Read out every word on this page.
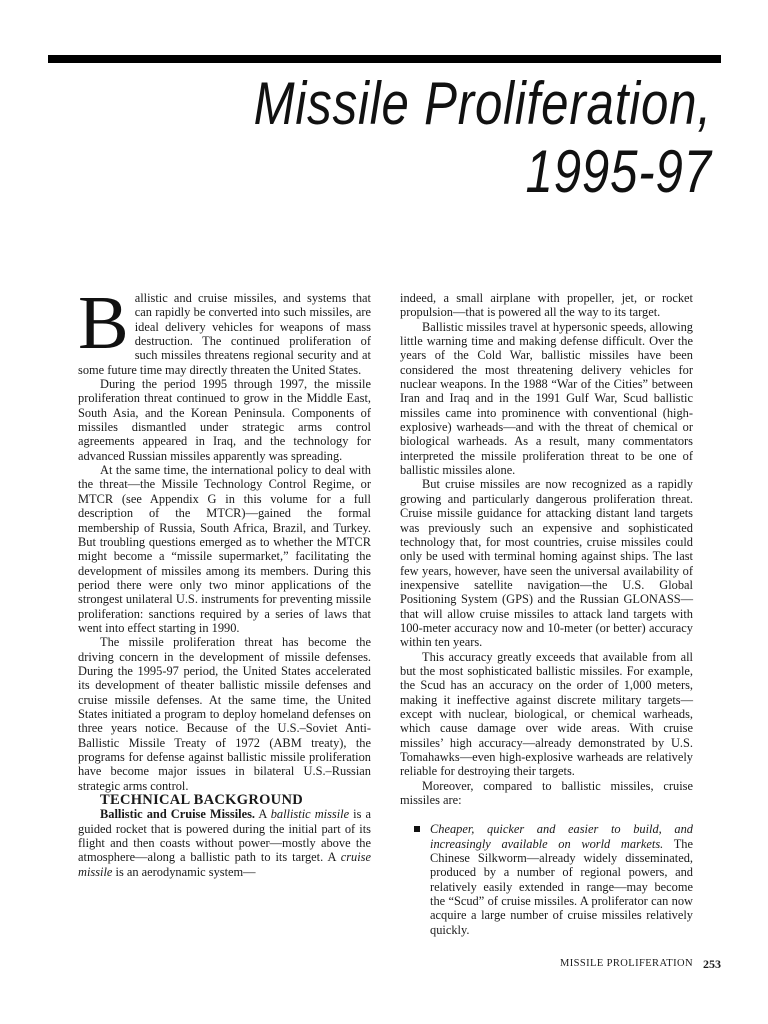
Missile Proliferation,
1995-97

Ballistic and cruise missiles, and systems that can rapidly be converted into such missiles, are ideal delivery vehicles for weapons of mass destruction. The continued proliferation of such missiles threatens regional security and at some future time may directly threaten the United States.

During the period 1995 through 1997, the missile proliferation threat continued to grow in the Middle East, South Asia, and the Korean Peninsula. Components of missiles dismantled under strategic arms control agreements appeared in Iraq, and the technology for advanced Russian missiles apparently was spreading.

At the same time, the international policy to deal with the threat—the Missile Technology Control Regime, or MTCR (see Appendix G in this volume for a full description of the MTCR)—gained the formal membership of Russia, South Africa, Brazil, and Turkey. But troubling questions emerged as to whether the MTCR might become a “missile supermarket,” facilitating the development of missiles among its members. During this period there were only two minor applications of the strongest unilateral U.S. instruments for preventing missile proliferation: sanctions required by a series of laws that went into effect starting in 1990.

The missile proliferation threat has become the driving concern in the development of missile defenses. During the 1995-97 period, the United States accelerated its development of theater ballistic missile defenses and cruise missile defenses. At the same time, the United States initiated a program to deploy homeland defenses on three years notice. Because of the U.S.–Soviet Anti-Ballistic Missile Treaty of 1972 (ABM treaty), the programs for defense against ballistic missile proliferation have become major issues in bilateral U.S.–Russian strategic arms control.

TECHNICAL BACKGROUND

Ballistic and Cruise Missiles. A ballistic missile is a guided rocket that is powered during the initial part of its flight and then coasts without power—mostly above the atmosphere—along a ballistic path to its target. A cruise missile is an aerodynamic system—

indeed, a small airplane with propeller, jet, or rocket propulsion—that is powered all the way to its target.

Ballistic missiles travel at hypersonic speeds, allowing little warning time and making defense difficult. Over the years of the Cold War, ballistic missiles have been considered the most threatening delivery vehicles for nuclear weapons. In the 1988 “War of the Cities” between Iran and Iraq and in the 1991 Gulf War, Scud ballistic missiles came into prominence with conventional (high-explosive) warheads—and with the threat of chemical or biological warheads. As a result, many commentators interpreted the missile proliferation threat to be one of ballistic missiles alone.

But cruise missiles are now recognized as a rapidly growing and particularly dangerous proliferation threat. Cruise missile guidance for attacking distant land targets was previously such an expensive and sophisticated technology that, for most countries, cruise missiles could only be used with terminal homing against ships. The last few years, however, have seen the universal availability of inexpensive satellite navigation—the U.S. Global Positioning System (GPS) and the Russian GLONASS—that will allow cruise missiles to attack land targets with 100-meter accuracy now and 10-meter (or better) accuracy within ten years.

This accuracy greatly exceeds that available from all but the most sophisticated ballistic missiles. For example, the Scud has an accuracy on the order of 1,000 meters, making it ineffective against discrete military targets—except with nuclear, biological, or chemical warheads, which cause damage over wide areas. With cruise missiles’ high accuracy—already demonstrated by U.S. Tomahawks—even high-explosive warheads are relatively reliable for destroying their targets.

Moreover, compared to ballistic missiles, cruise missiles are:

Cheaper, quicker and easier to build, and increasingly available on world markets. The Chinese Silkworm—already widely disseminated, produced by a number of regional powers, and relatively easily extended in range—may become the “Scud” of cruise missiles. A proliferator can now acquire a large number of cruise missiles relatively quickly.

MISSILE PROLIFERATION 253
